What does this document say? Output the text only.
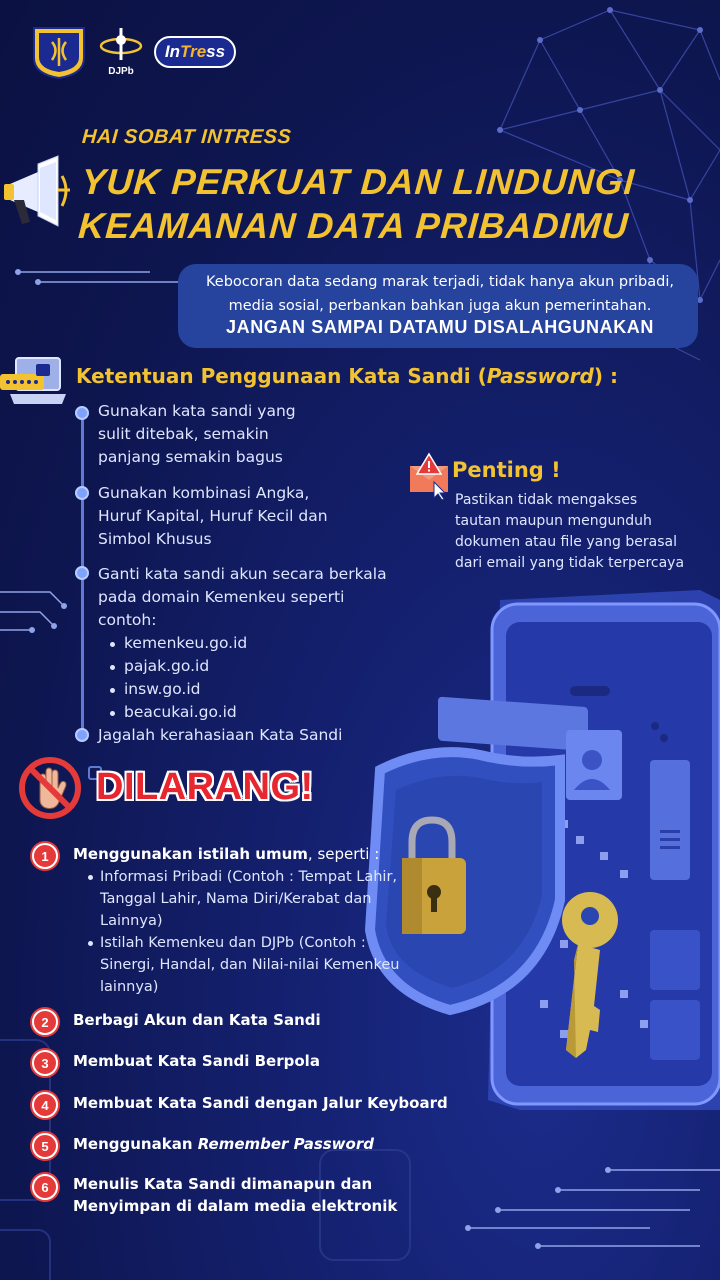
DJPb
In Tre ss
HAI SOBAT INTRESS
YUK PERKUAT DAN LINDUNGI
KEAMANAN DATA PRIBADIMU
Kebocoran data sedang marak terjadi, tidak hanya akun pribadi,
media sosial, perbankan bahkan juga akun pemerintahan.
JANGAN SAMPAI DATAMU DISALAHGUNAKAN
Ketentuan Penggunaan Kata Sandi (Password) :
Gunakan kata sandi yang
sulit ditebak, semakin
panjang semakin bagus
Gunakan kombinasi Angka,
Huruf Kapital, Huruf Kecil dan
Simbol Khusus
Ganti kata sandi akun secara berkala
pada domain Kemenkeu seperti
contoh:
kemenkeu.go.id
pajak.go.id
insw.go.id
beacukai.go.id
Jagalah kerahasiaan Kata Sandi
Penting !
Pastikan tidak mengakses
tautan maupun mengunduh
dokumen atau file yang berasal
dari email yang tidak terpercaya
DILARANG!
1	Menggunakan istilah umum, seperti :
Informasi Pribadi (Contoh : Tempat Lahir,
Tanggal Lahir, Nama Diri/Kerabat dan
Lainnya)
Istilah Kemenkeu dan DJPb (Contoh :
Sinergi, Handal, dan Nilai-nilai Kemenkeu
lainnya)
2	Berbagi Akun dan Kata Sandi
3	Membuat Kata Sandi Berpola
4	Membuat Kata Sandi dengan Jalur Keyboard
5	Menggunakan Remember Password
6	Menulis Kata Sandi dimanapun dan
Menyimpan di dalam media elektronik
